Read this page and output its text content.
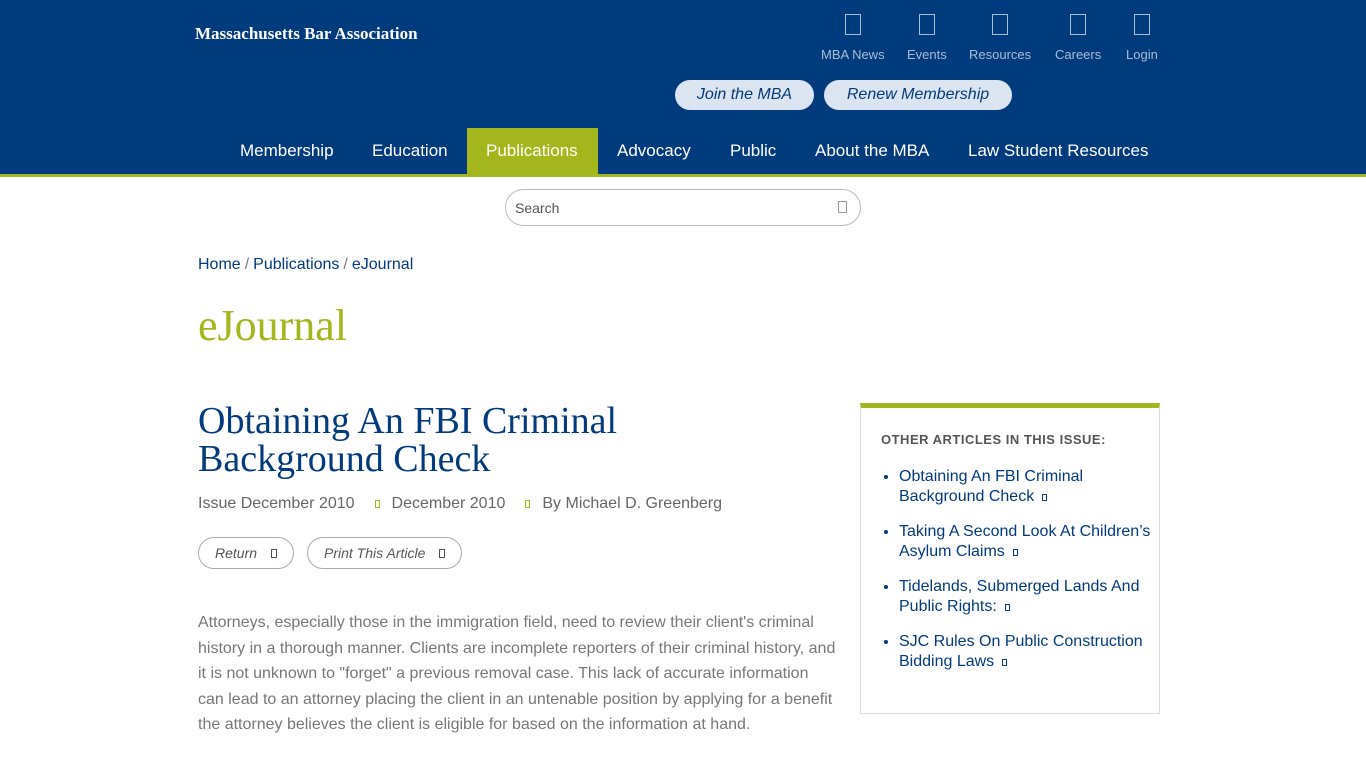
Massachusetts Bar Association
MBA News Events Resources Careers Login
Join the MBA	Renew Membership
Membership	Education	Publications	Advocacy	Public	About the MBA	Law Student Resources
Search
Home / Publications / eJournal
eJournal
Obtaining An FBI Criminal Background Check
Issue December 2010 December 2010 By Michael D. Greenberg
Return	Print This Article

Attorneys, especially those in the immigration field, need to review their client's criminal history in a thorough manner. Clients are incomplete reporters of their criminal history, and it is not unknown to "forget" a previous removal case. This lack of accurate information can lead to an attorney placing the client in an untenable position by applying for a benefit the attorney believes the client is eligible for based on the information at hand.

OTHER ARTICLES IN THIS ISSUE:
• Obtaining An FBI Criminal Background Check
• Taking A Second Look At Children’s Asylum Claims
• Tidelands, Submerged Lands And Public Rights:
• SJC Rules On Public Construction Bidding Laws
